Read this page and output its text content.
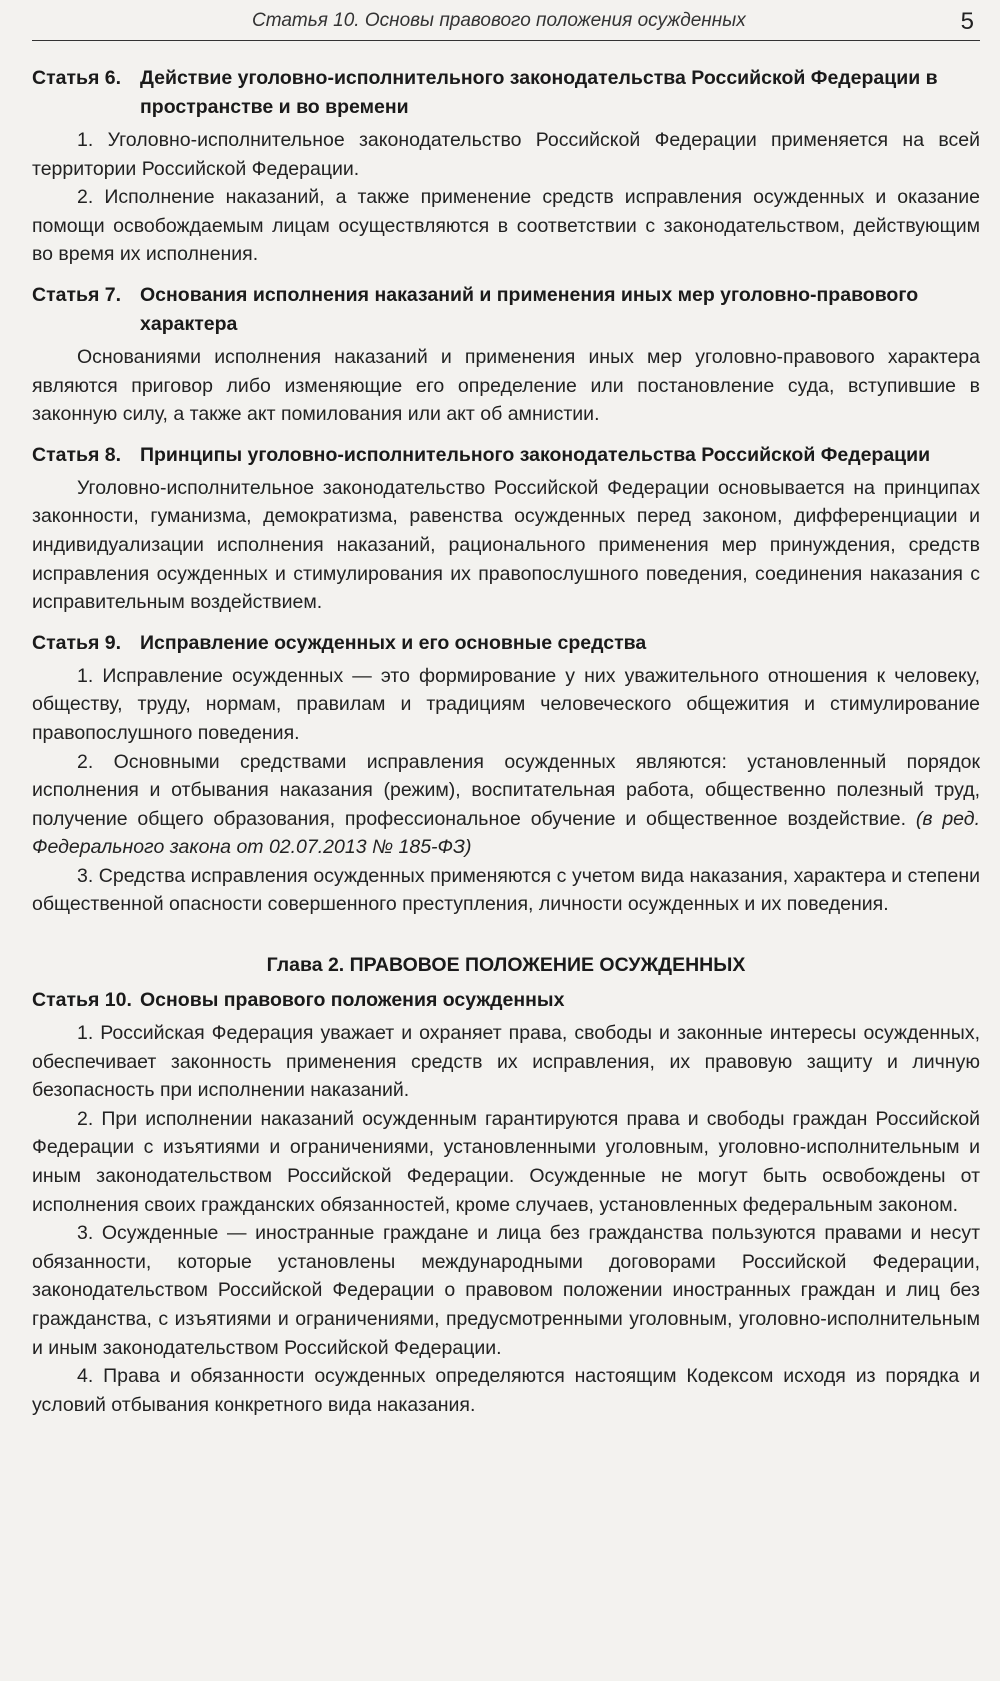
Статья 10. Основы правового положения осужденных	5
Статья 6. Действие уголовно-исполнительного законодательства Российской Федерации в пространстве и во времени

1. Уголовно-исполнительное законодательство Российской Федерации применяется на всей территории Российской Федерации.

2. Исполнение наказаний, а также применение средств исправления осужденных и оказание помощи освобождаемым лицам осуществляются в соответствии с законодательством, действующим во время их исполнения.

Статья 7. Основания исполнения наказаний и применения иных мер уголовно-правового характера

Основаниями исполнения наказаний и применения иных мер уголовно-правового характера являются приговор либо изменяющие его определение или постановление суда, вступившие в законную силу, а также акт помилования или акт об амнистии.

Статья 8. Принципы уголовно-исполнительного законодательства Российской Федерации

Уголовно-исполнительное законодательство Российской Федерации основывается на принципах законности, гуманизма, демократизма, равенства осужденных перед законом, дифференциации и индивидуализации исполнения наказаний, рационального применения мер принуждения, средств исправления осужденных и стимулирования их правопослушного поведения, соединения наказания с исправительным воздействием.

Статья 9. Исправление осужденных и его основные средства

1. Исправление осужденных — это формирование у них уважительного отношения к человеку, обществу, труду, нормам, правилам и традициям человеческого общежития и стимулирование правопослушного поведения.

2. Основными средствами исправления осужденных являются: установленный порядок исполнения и отбывания наказания (режим), воспитательная работа, общественно полезный труд, получение общего образования, профессиональное обучение и общественное воздействие. (в ред. Федерального закона от 02.07.2013 № 185-ФЗ)

3. Средства исправления осужденных применяются с учетом вида наказания, характера и степени общественной опасности совершенного преступления, личности осужденных и их поведения.

Глава 2. ПРАВОВОЕ ПОЛОЖЕНИЕ ОСУЖДЕННЫХ
Статья 10. Основы правового положения осужденных

1. Российская Федерация уважает и охраняет права, свободы и законные интересы осужденных, обеспечивает законность применения средств их исправления, их правовую защиту и личную безопасность при исполнении наказаний.

2. При исполнении наказаний осужденным гарантируются права и свободы граждан Российской Федерации с изъятиями и ограничениями, установленными уголовным, уголовно-исполнительным и иным законодательством Российской Федерации. Осужденные не могут быть освобождены от исполнения своих гражданских обязанностей, кроме случаев, установленных федеральным законом.

3. Осужденные — иностранные граждане и лица без гражданства пользуются правами и несут обязанности, которые установлены международными договорами Российской Федерации, законодательством Российской Федерации о правовом положении иностранных граждан и лиц без гражданства, с изъятиями и ограничениями, предусмотренными уголовным, уголовно-исполнительным и иным законодательством Российской Федерации.

4. Права и обязанности осужденных определяются настоящим Кодексом исходя из порядка и условий отбывания конкретного вида наказания.
